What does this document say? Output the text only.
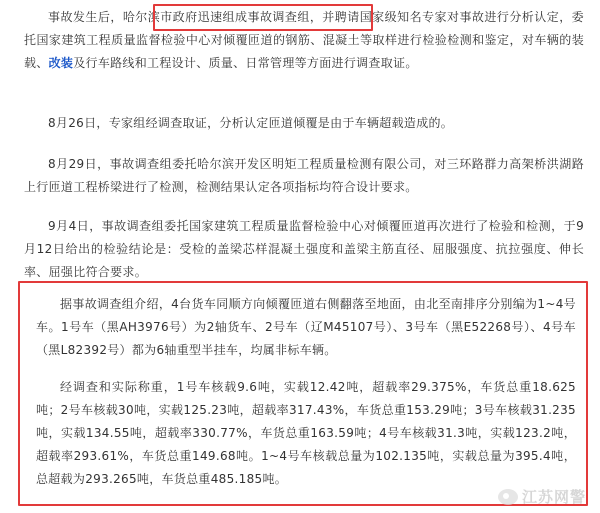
事故发生后，哈尔滨市政府迅速组成事故调查组，并聘请国家级知名专家对事故进行分析认定，委托国家建筑工程质量监督检验中心对倾覆匝道的钢筋、混凝土等取样进行检验检测和鉴定，对车辆的装载、改装及行车路线和工程设计、质量、日常管理等方面进行调查取证。

8月26日，专家组经调查取证，分析认定匝道倾覆是由于车辆超载造成的。

8月29日，事故调查组委托哈尔滨开发区明矩工程质量检测有限公司，对三环路群力高架桥洪湖路上行匝道工程桥梁进行了检测，检测结果认定各项指标均符合设计要求。

9月4日，事故调查组委托国家建筑工程质量监督检验中心对倾覆匝道再次进行了检验和检测，于9月12日给出的检验结论是：受检的盖梁芯样混凝土强度和盖梁主筋直径、屈服强度、抗拉强度、伸长率、屈强比符合要求。

据事故调查组介绍，4台货车同顺方向倾覆匝道右侧翻落至地面，由北至南排序分别编为1~4号车。1号车（黑AH3976号）为2轴货车、2号车（辽M45107号）、3号车（黑E52268号）、4号车（黑L82392号）都为6轴重型半挂车，均属非标车辆。

经调查和实际称重，1号车核载9.6吨，实载12.42吨，超载率29.375%，车货总重18.625吨；2号车核载30吨，实载125.23吨，超载率317.43%，车货总重153.29吨；3号车核载31.235吨，实载134.55吨，超载率330.77%，车货总重163.59吨；4号车核载31.3吨，实载123.2吨，超载率293.61%，车货总重149.68吨。1~4号车核载总量为102.135吨，实载总量为395.4吨，总超载为293.265吨，车货总重485.185吨。

江苏网警
